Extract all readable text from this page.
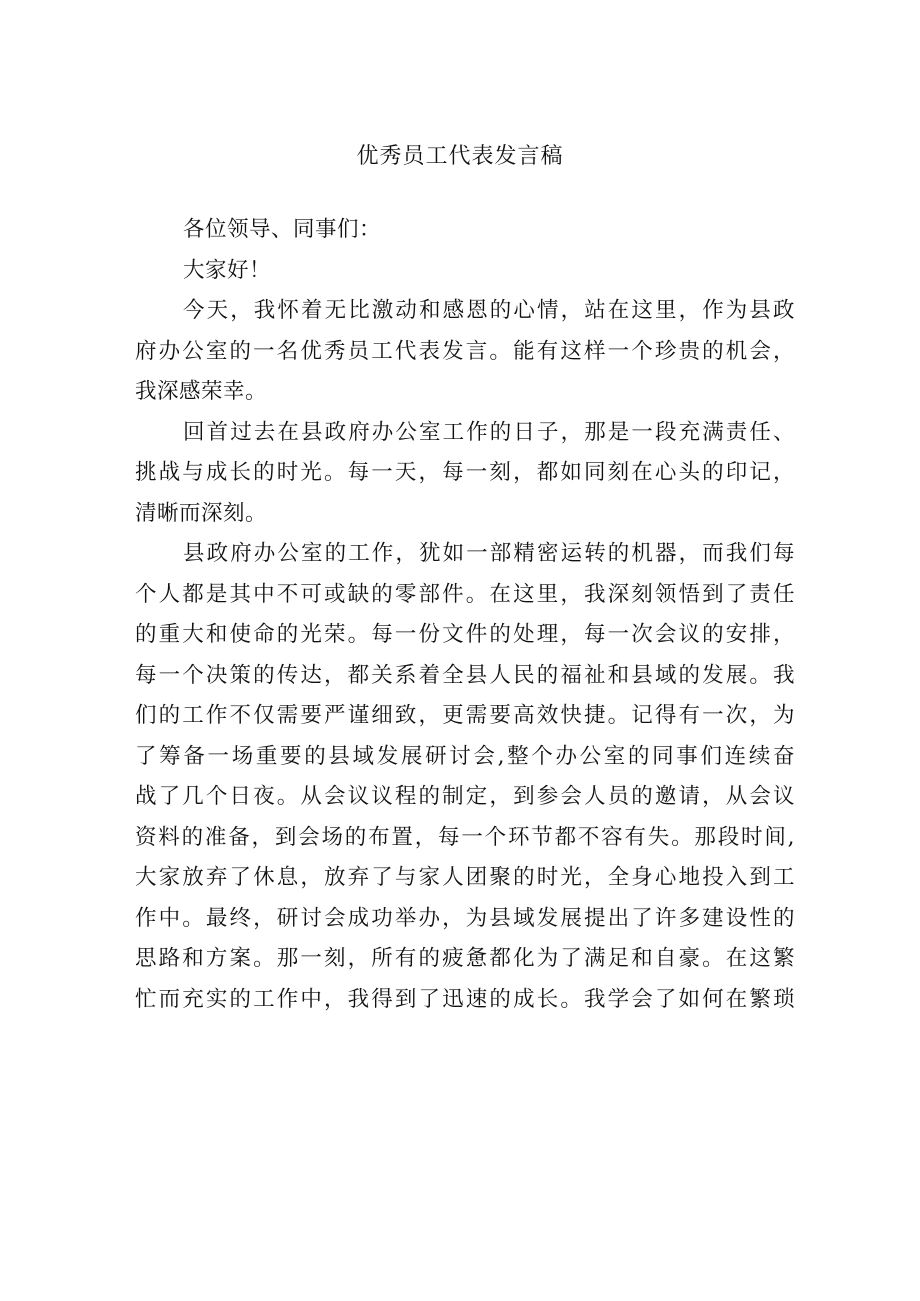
优秀员工代表发言稿
各位领导、同事们：
大家好！
今天，我怀着无比激动和感恩的心情，站在这里，作为县政
府办公室的一名优秀员工代表发言。能有这样一个珍贵的机会，
我深感荣幸。
回首过去在县政府办公室工作的日子，那是一段充满责任、
挑战与成长的时光。每一天，每一刻，都如同刻在心头的印记，
清晰而深刻。
县政府办公室的工作，犹如一部精密运转的机器，而我们每
个人都是其中不可或缺的零部件。在这里，我深刻领悟到了责任
的重大和使命的光荣。每一份文件的处理，每一次会议的安排，
每一个决策的传达，都关系着全县人民的福祉和县域的发展。我
们的工作不仅需要严谨细致，更需要高效快捷。记得有一次，为
了筹备一场重要的县域发展研讨会,整个办公室的同事们连续奋
战了几个日夜。从会议议程的制定，到参会人员的邀请，从会议
资料的准备，到会场的布置，每一个环节都不容有失。那段时间,
大家放弃了休息，放弃了与家人团聚的时光，全身心地投入到工
作中。最终，研讨会成功举办，为县域发展提出了许多建设性的
思路和方案。那一刻，所有的疲惫都化为了满足和自豪。在这繁
忙而充实的工作中，我得到了迅速的成长。我学会了如何在繁琐
